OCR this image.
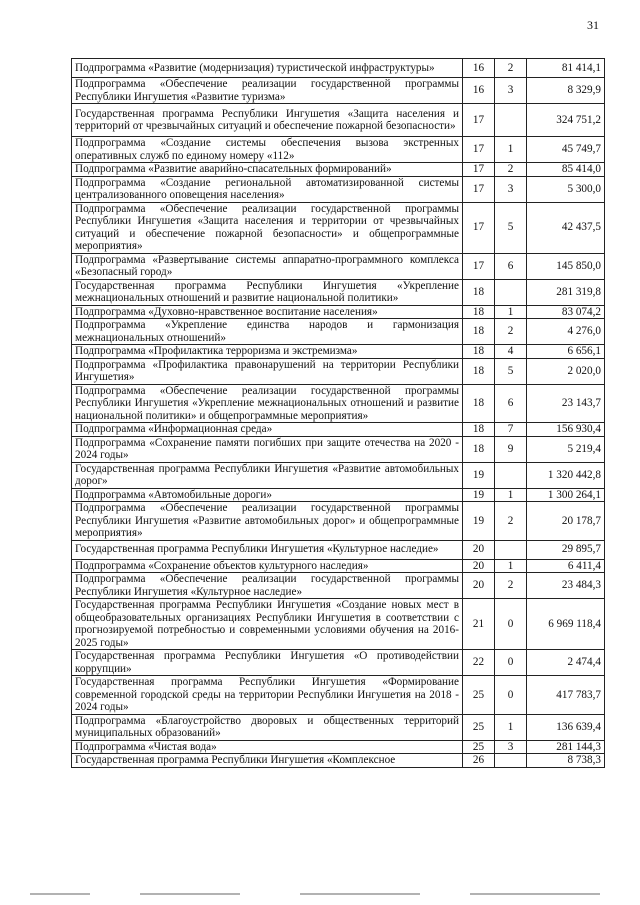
31
Подпрограмма «Развитие (модернизация) туристической инфраструктуры»	16	2	81 414,1
Подпрограмма «Обеспечение реализации государственной программы Республики Ингушетия «Развитие туризма»	16	3	8 329,9
Государственная программа Республики Ингушетия «Защита населения и территорий от чрезвычайных ситуаций и обеспечение пожарной безопасности»	17		324 751,2
Подпрограмма «Создание системы обеспечения вызова экстренных оперативных служб по единому номеру «112»	17	1	45 749,7
Подпрограмма «Развитие аварийно-спасательных формирований»	17	2	85 414,0
Подпрограмма «Создание региональной автоматизированной системы централизованного оповещения населения»	17	3	5 300,0
Подпрограмма «Обеспечение реализации государственной программы Республики Ингушетия «Защита населения и территории от чрезвычайных ситуаций и обеспечение пожарной безопасности» и общепрограммные мероприятия»	17	5	42 437,5
Подпрограмма «Развертывание системы аппаратно-программного комплекса «Безопасный город»	17	6	145 850,0
Государственная программа Республики Ингушетия «Укрепление межнациональных отношений и развитие национальной политики»	18		281 319,8
Подпрограмма «Духовно-нравственное воспитание населения»	18	1	83 074,2
Подпрограмма «Укрепление единства народов и гармонизация межнациональных отношений»	18	2	4 276,0
Подпрограмма «Профилактика терроризма и экстремизма»	18	4	6 656,1
Подпрограмма «Профилактика правонарушений на территории Республики Ингушетия»	18	5	2 020,0
Подпрограмма «Обеспечение реализации государственной программы Республики Ингушетия «Укрепление межнациональных отношений и развитие национальной политики» и общепрограммные мероприятия»	18	6	23 143,7
Подпрограмма «Информационная среда»	18	7	156 930,4
Подпрограмма «Сохранение памяти погибших при защите отечества на 2020 - 2024 годы»	18	9	5 219,4
Государственная программа Республики Ингушетия «Развитие автомобильных дорог»	19		1 320 442,8
Подпрограмма «Автомобильные дороги»	19	1	1 300 264,1
Подпрограмма «Обеспечение реализации государственной программы Республики Ингушетия «Развитие автомобильных дорог» и общепрограммные мероприятия»	19	2	20 178,7
Государственная программа Республики Ингушетия «Культурное наследие»	20		29 895,7
Подпрограмма «Сохранение объектов культурного наследия»	20	1	6 411,4
Подпрограмма «Обеспечение реализации государственной программы Республики Ингушетия «Культурное наследие»	20	2	23 484,3
Государственная программа Республики Ингушетия «Создание новых мест в общеобразовательных организациях Республики Ингушетия в соответствии с прогнозируемой потребностью и современными условиями обучения на 2016-2025 годы»	21	0	6 969 118,4
Государственная программа Республики Ингушетия «О противодействии коррупции»	22	0	2 474,4
Государственная программа Республики Ингушетия «Формирование современной городской среды на территории Республики Ингушетия на 2018 - 2024 годы»	25	0	417 783,7
Подпрограмма «Благоустройство дворовых и общественных территорий муниципальных образований»	25	1	136 639,4
Подпрограмма «Чистая вода»	25	3	281 144,3
Государственная программа Республики Ингушетия «Комплексное	26		8 738,3
